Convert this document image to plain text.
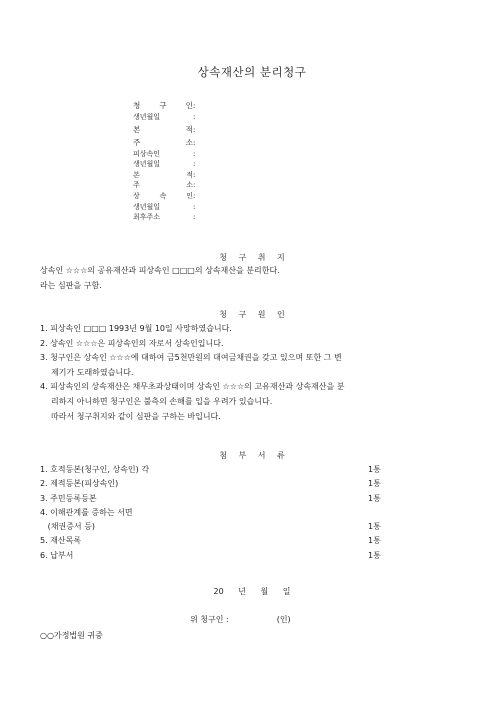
상속재산의 분리청구
청 구 인:
생년월일	:
본 적:
주 소:
피상속인	:
생년월일	:
본 적:
주 소:
상 속 인:
생년월일	:
최후주소	:
청 구 취 지
상속인 ☆☆☆의 공유재산과 피상속인 □□□의 상속재산을 분리한다.
라는 심판을 구함.
청 구 원 인
1. 피상속인 □□□ 1993년 9월 10일 사망하였습니다.
2. 상속인 ☆☆☆은 피상속인의 자로서 상속인입니다.
3. 청구인은 상속인 ☆☆☆에 대하여 금5천만원의 대여금채권을 갖고 있으며 또한 그 변
제기가 도래하였습니다.
4. 피상속인의 상속재산은 채무초과상태이며 상속인 ☆☆☆의 고유재산과 상속재산을 분
리하지 아니하면 청구인은 불측의 손해를 입을 우려가 있습니다.
따라서 청구취지와 같이 심판을 구하는 바입니다.
첨 부 서 류
1. 호적등본(청구인, 상속인) 각	1통
2. 제적등본(피상속인)	1통
3. 주민등록등본	1통
4. 이해관계를 증하는 서면
(채권증서 등)	1통
5. 재산목록	1통
6. 납부서	1통
20 년 월 일
위 청구인 :	(인)
○○가정법원 귀중
